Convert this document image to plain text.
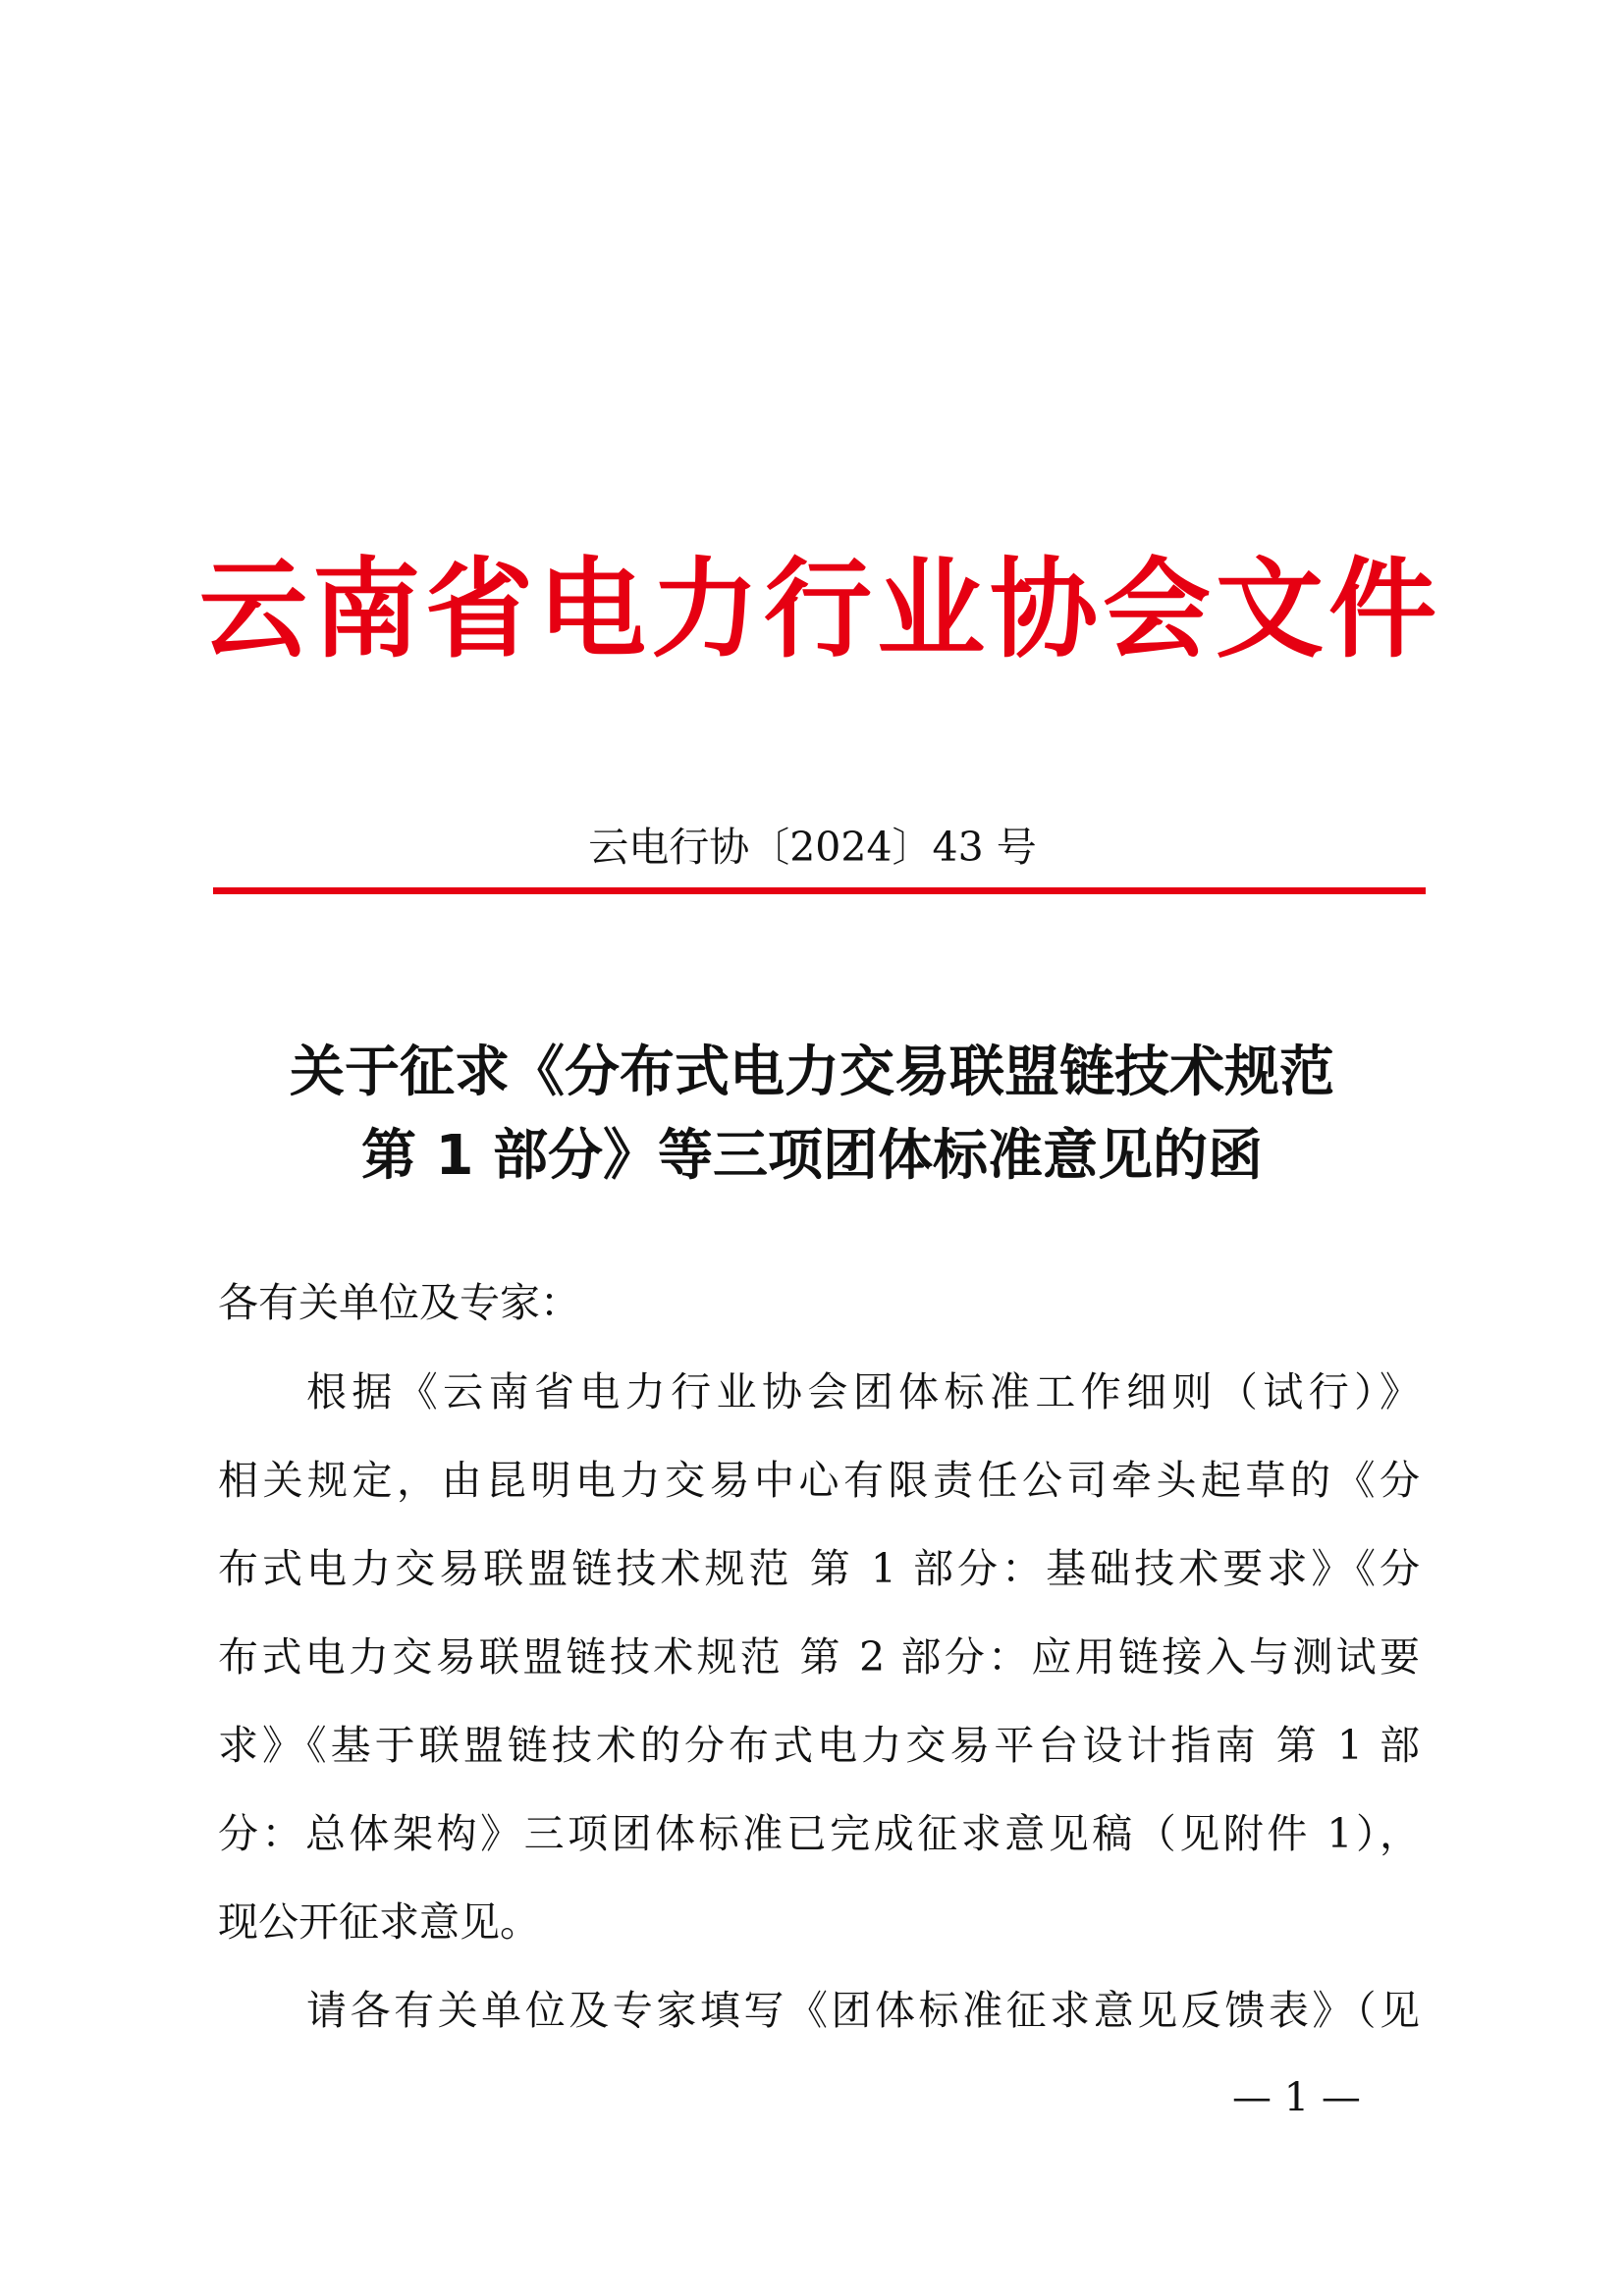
云南省电力行业协会文件
云电行协〔2024〕43 号
关于征求《分布式电力交易联盟链技术规范
第 1 部分》等三项团体标准意见的函
各有关单位及专家：
根据《云南省电力行业协会团体标准工作细则（试行）》
相关规定，由昆明电力交易中心有限责任公司牵头起草的《分
布式电力交易联盟链技术规范 第 1 部分：基础技术要求》《分
布式电力交易联盟链技术规范 第 2 部分：应用链接入与测试要
求》《基于联盟链技术的分布式电力交易平台设计指南 第 1 部
分：总体架构》三项团体标准已完成征求意见稿（见附件 1），
现公开征求意见。
请各有关单位及专家填写《团体标准征求意见反馈表》（见
— 1 —
